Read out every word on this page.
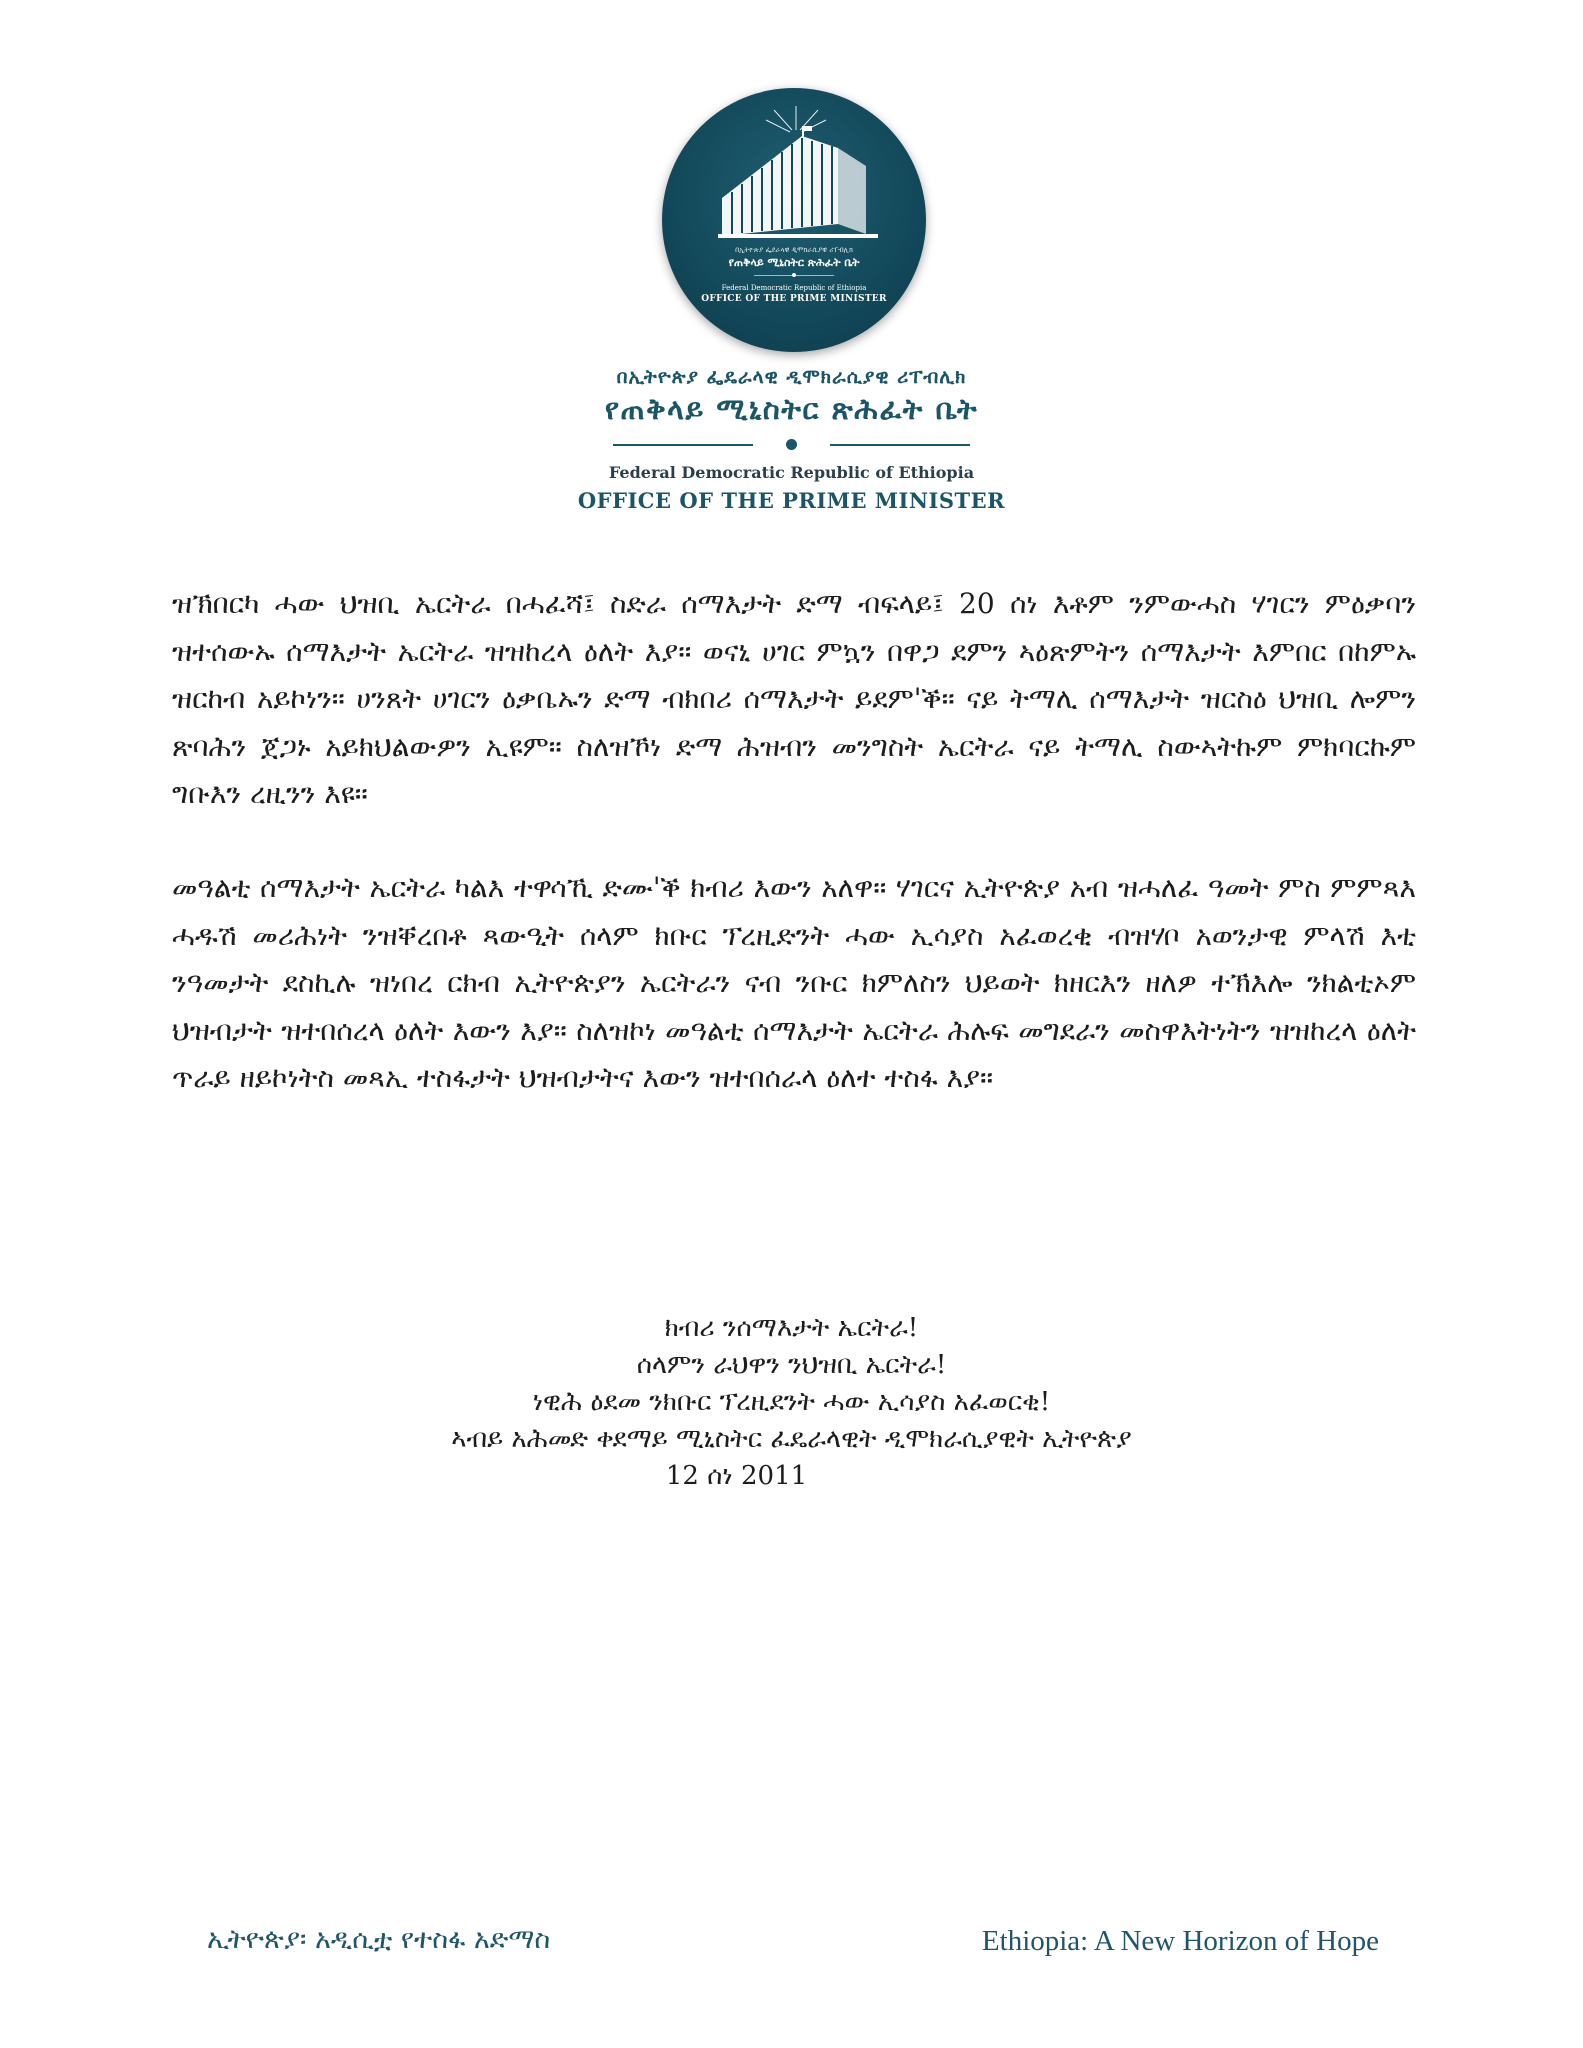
በኢትዮጵያ ፌደራላዊ ዲሞክራሲያዊ ሪፐብሊክ
የጠቅላይ ሚኒስትር ጽሕፈት ቤት
Federal Democratic Republic of Ethiopia
OFFICE OF THE PRIME MINISTER
በኢትዮጵያ ፌዴራላዊ ዲሞክራሲያዊ ሪፐብሊክ
የጠቅላይ ሚኒስትር ጽሕፈት ቤት
Federal Democratic Republic of Ethiopia
OFFICE OF THE PRIME MINISTER

ዝኽበርካ ሓው ህዝቢ ኤርትራ በሓፈሻ፤ ስድራ ሰማእታት ድማ ብፍላይ፤ 20 ሰነ እቶም ንምውሓስ ሃገርን ምዕቃባን ዝተሰውኡ ሰማእታት ኤርትራ ዝዝከረላ ዕለት እያ። ወናኒ ሀገር ምኳን በዋጋ ደምን ኣዕጽምትን ሰማእታት እምበር በከምኡ ዝርከብ አይኮነን። ሀንጸት ሀገርን ዕቃቤኡን ድማ ብክበሪ ሰማእታት ይደም'ቕ። ናይ ትማሊ ሰማእታት ዝርስዕ ህዝቢ ሎምን ጽባሕን ጀጋኑ አይክህልውዎን ኢዩም። ስለዝኾነ ድማ ሕዝብን መንግስት ኤርትራ ናይ ትማሊ ስውኣትኩም ምክባርኩም ግቡእን ረዚንን እዩ።

መዓልቲ ሰማእታት ኤርትራ ካልእ ተዋሳኺ ድሙ'ቕ ክብሪ እውን አለዋ። ሃገርና ኢትዮጵያ አብ ዝሓለፈ ዓመት ምስ ምምጻእ ሓዱሽ መሪሕነት ንዝቐረበቶ ጻውዒት ሰላም ክቡር ፕረዚድንት ሓው ኢሳያስ አፈወረቂ ብዝሃቦ አወንታዊ ምላሽ እቲ ንዓመታት ደስኪሉ ዝነበረ ርክብ ኢትዮጵያን ኤርትራን ናብ ንቡር ክምለስን ህይወት ክዘርእን ዘለዎ ተኽእሎ ንክልቲኦም ህዝብታት ዝተበሰረላ ዕለት እውን እያ። ስለዝኮነ መዓልቲ ሰማእታት ኤርትራ ሕሉፍ መግደራን መስዋእትነትን ዝዝከረላ ዕለት ጥራይ ዘይኮነትስ መጻኢ ተስፋታት ህዝብታትና እውን ዝተበሰራላ ዕለተ ተስፋ እያ።

ክብሪ ንሰማእታት ኤርትራ!
ሰላምን ራህዋን ንህዝቢ ኤርትራ!
ነዊሕ ዕደመ ንክቡር ፕረዚደንት ሓው ኢሳያስ አፈወርቂ!
ኣብይ አሕመድ ቀደማይ ሚኒስትር ፈዴራላዊት ዲሞክራሲያዊት ኢትዮጵያ
12 ሰነ 2011
ኢትዮጵያ፡ አዲሲቷ የተስፋ አድማስ	Ethiopia: A New Horizon of Hope
